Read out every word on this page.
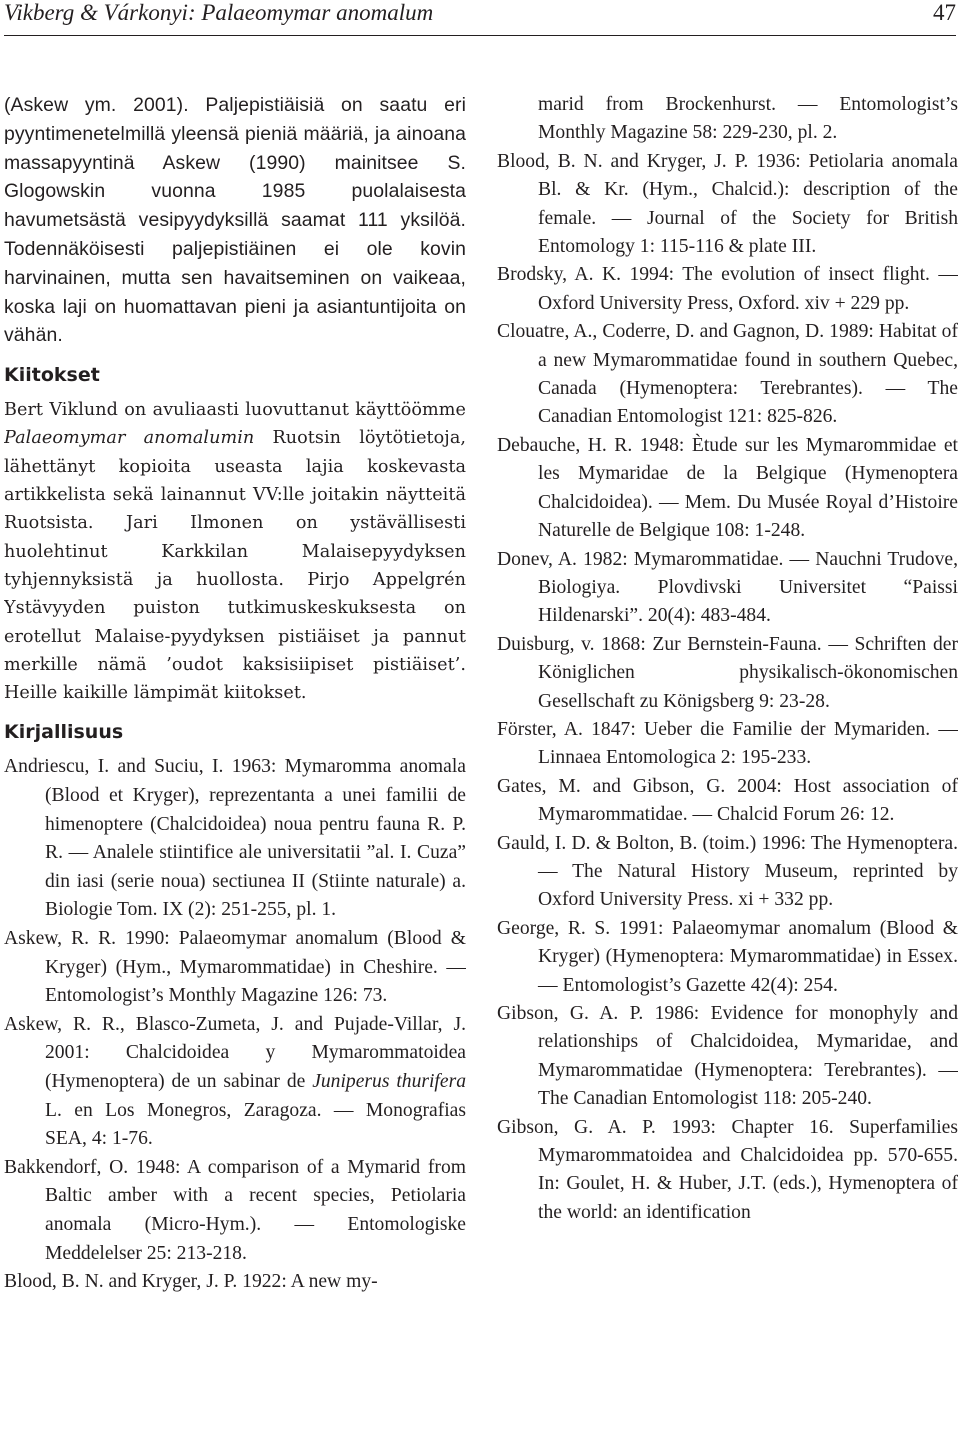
Vikberg & Várkonyi: Palaeomymar anomalum	47

(Askew ym. 2001). Paljepistiäisiä on saatu eri pyyntimenetelmillä yleensä pieniä määriä, ja ainoana massapyyntinä Askew (1990) mainitsee S. Glogowskin vuonna 1985 puolalaisesta havumetsästä vesipyydyksillä saamat 111 yksilöä. Todennäköisesti paljepistiäinen ei ole kovin harvinainen, mutta sen havaitseminen on vaikeaa, koska laji on huomattavan pieni ja asiantuntijoita on vähän.

Kiitokset

Bert Viklund on avuliaasti luovuttanut käyttöömme Palaeomymar anomalumin Ruotsin löytötietoja, lähettänyt kopioita useasta lajia koskevasta artikkelista sekä lainannut VV:lle joitakin näytteitä Ruotsista. Jari Ilmonen on ystävällisesti huolehtinut Karkkilan Malaisepyydyksen tyhjennyksistä ja huollosta. Pirjo Appelgrén Ystävyyden puiston tutkimuskeskuksesta on erotellut Malaise-pyydyksen pistiäiset ja pannut merkille nämä ’oudot kaksisiipiset pistiäiset’. Heille kaikille lämpimät kiitokset.

Kirjallisuus

Andriescu, I. and Suciu, I. 1963: Mymaromma anomala (Blood et Kryger), reprezentanta a unei familii de himenoptere (Chalcidoidea) noua pentru fauna R. P. R. — Analele stiintifice ale universitatii ”al. I. Cuza” din iasi (serie noua) sectiunea II (Stiinte naturale) a. Biologie Tom. IX (2): 251-255, pl. 1.

Askew, R. R. 1990: Palaeomymar anomalum (Blood & Kryger) (Hym., Mymarommatidae) in Cheshire. — Entomologist’s Monthly Magazine 126: 73.

Askew, R. R., Blasco-Zumeta, J. and Pujade-Villar, J. 2001: Chalcidoidea y Mymarommatoidea (Hymenoptera) de un sabinar de Juniperus thurifera L. en Los Monegros, Zaragoza. — Monografias SEA, 4: 1-76.

Bakkendorf, O. 1948: A comparison of a Mymarid from Baltic amber with a recent species, Petiolaria anomala (Micro-Hym.). — Entomologiske Meddelelser 25: 213-218.

Blood, B. N. and Kryger, J. P. 1922: A new my-

marid from Brockenhurst. — Entomologist’s Monthly Magazine 58: 229-230, pl. 2.

Blood, B. N. and Kryger, J. P. 1936: Petiolaria anomala Bl. & Kr. (Hym., Chalcid.): description of the female. — Journal of the Society for British Entomology 1: 115-116 & plate III.

Brodsky, A. K. 1994: The evolution of insect flight. — Oxford University Press, Oxford. xiv + 229 pp.

Clouatre, A., Coderre, D. and Gagnon, D. 1989: Habitat of a new Mymarommatidae found in southern Quebec, Canada (Hymenoptera: Terebrantes). — The Canadian Entomologist 121: 825-826.

Debauche, H. R. 1948: Ètude sur les Mymarommidae et les Mymaridae de la Belgique (Hymenoptera Chalcidoidea). — Mem. Du Musée Royal d’Histoire Naturelle de Belgique 108: 1-248.

Donev, A. 1982: Mymarommatidae. — Nauchni Trudove, Biologiya. Plovdivski Universitet “Paissi Hildenarski”. 20(4): 483-484.

Duisburg, v. 1868: Zur Bernstein-Fauna. — Schriften der Königlichen physikalisch-ökonomischen Gesellschaft zu Königsberg 9: 23-28.

Förster, A. 1847: Ueber die Familie der Mymariden. — Linnaea Entomologica 2: 195-233.

Gates, M. and Gibson, G. 2004: Host association of Mymarommatidae. — Chalcid Forum 26: 12.

Gauld, I. D. & Bolton, B. (toim.) 1996: The Hymenoptera. — The Natural History Museum, reprinted by Oxford University Press. xi + 332 pp.

George, R. S. 1991: Palaeomymar anomalum (Blood & Kryger) (Hymenoptera: Mymarommatidae) in Essex. — Entomologist’s Gazette 42(4): 254.

Gibson, G. A. P. 1986: Evidence for monophyly and relationships of Chalcidoidea, Mymaridae, and Mymarommatidae (Hymenoptera: Terebrantes). — The Canadian Entomologist 118: 205-240.

Gibson, G. A. P. 1993: Chapter 16. Superfamilies Mymarommatoidea and Chalcidoidea pp. 570-655. In: Goulet, H. & Huber, J.T. (eds.), Hymenoptera of the world: an identification
